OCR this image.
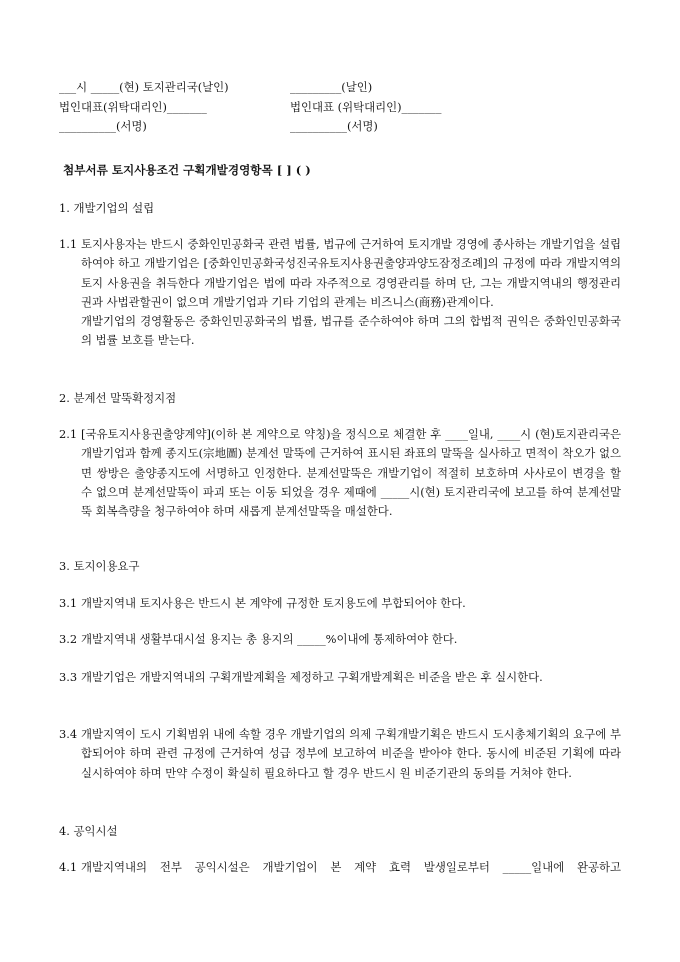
___시 _____(현) 토지관리국(날인)	_________(날인)
법인대표(위탁대리인)_______	법인대표 (위탁대리인)_______
__________(서명)	__________(서명)
첨부서류 토지사용조건 구획개발경영항목 [ ] ( )
1. 개발기업의 설립
1.1 토지사용자는 반드시 중화인민공화국 관련 법률, 법규에 근거하여 토지개발 경영에 종사하는 개발기업을 설립하여야 하고 개발기업은 [중화인민공화국성진국유토지사용권출양과양도잠정조례]의 규정에 따라 개발지역의 토지 사용권을 취득한다 개발기업은 법에 따라 자주적으로 경영관리를 하며 단, 그는 개발지역내의 행정관리권과 사법관할권이 없으며 개발기업과 기타 기업의 관계는 비즈니스(商務)관계이다.
개발기업의 경영활동은 중화인민공화국의 법률, 법규를 준수하여야 하며 그의 합법적 권익은 중화인민공화국의 법률 보호를 받는다.
2. 분계선 말뚝확정지점
2.1 [국유토지사용권출양계약](이하 본 계약으로 약칭)을 정식으로 체결한 후 ____일내, ____시 (현)토지관리국은 개발기업과 함께 종지도(宗地圖) 분계선 말뚝에 근거하여 표시된 좌표의 말뚝을 실사하고 면적이 착오가 없으면 쌍방은 출양종지도에 서명하고 인정한다. 분계선말뚝은 개발기업이 적절히 보호하며 사사로이 변경을 할 수 없으며 분계선말뚝이 파괴 또는 이동 되었을 경우 제때에 _____시(현) 토지관리국에 보고를 하여 분계선말뚝 회복측량을 청구하여야 하며 새롭게 분계선말뚝을 매설한다.
3. 토지이용요구
3.1 개발지역내 토지사용은 반드시 본 계약에 규정한 토지용도에 부합되어야 한다.
3.2 개발지역내 생활부대시설 용지는 총 용지의 _____%이내에 통제하여야 한다.
3.3 개발기업은 개발지역내의 구획개발계획을 제정하고 구획개발계획은 비준을 받은 후 실시한다.
3.4 개발지역이 도시 기획범위 내에 속할 경우 개발기업의 의제 구획개발기획은 반드시 도시총체기획의 요구에 부합되어야 하며 관련 규정에 근거하여 성급 정부에 보고하여 비준을 받아야 한다. 동시에 비준된 기획에 따라 실시하여야 하며 만약 수정이 확실히 필요하다고 할 경우 반드시 원 비준기관의 동의를 거쳐야 한다.
4. 공익시설
4.1 개발지역내의 전부 공익시설은 개발기업이 본 계약 효력 발생일로부터 _____일내에 완공하고
